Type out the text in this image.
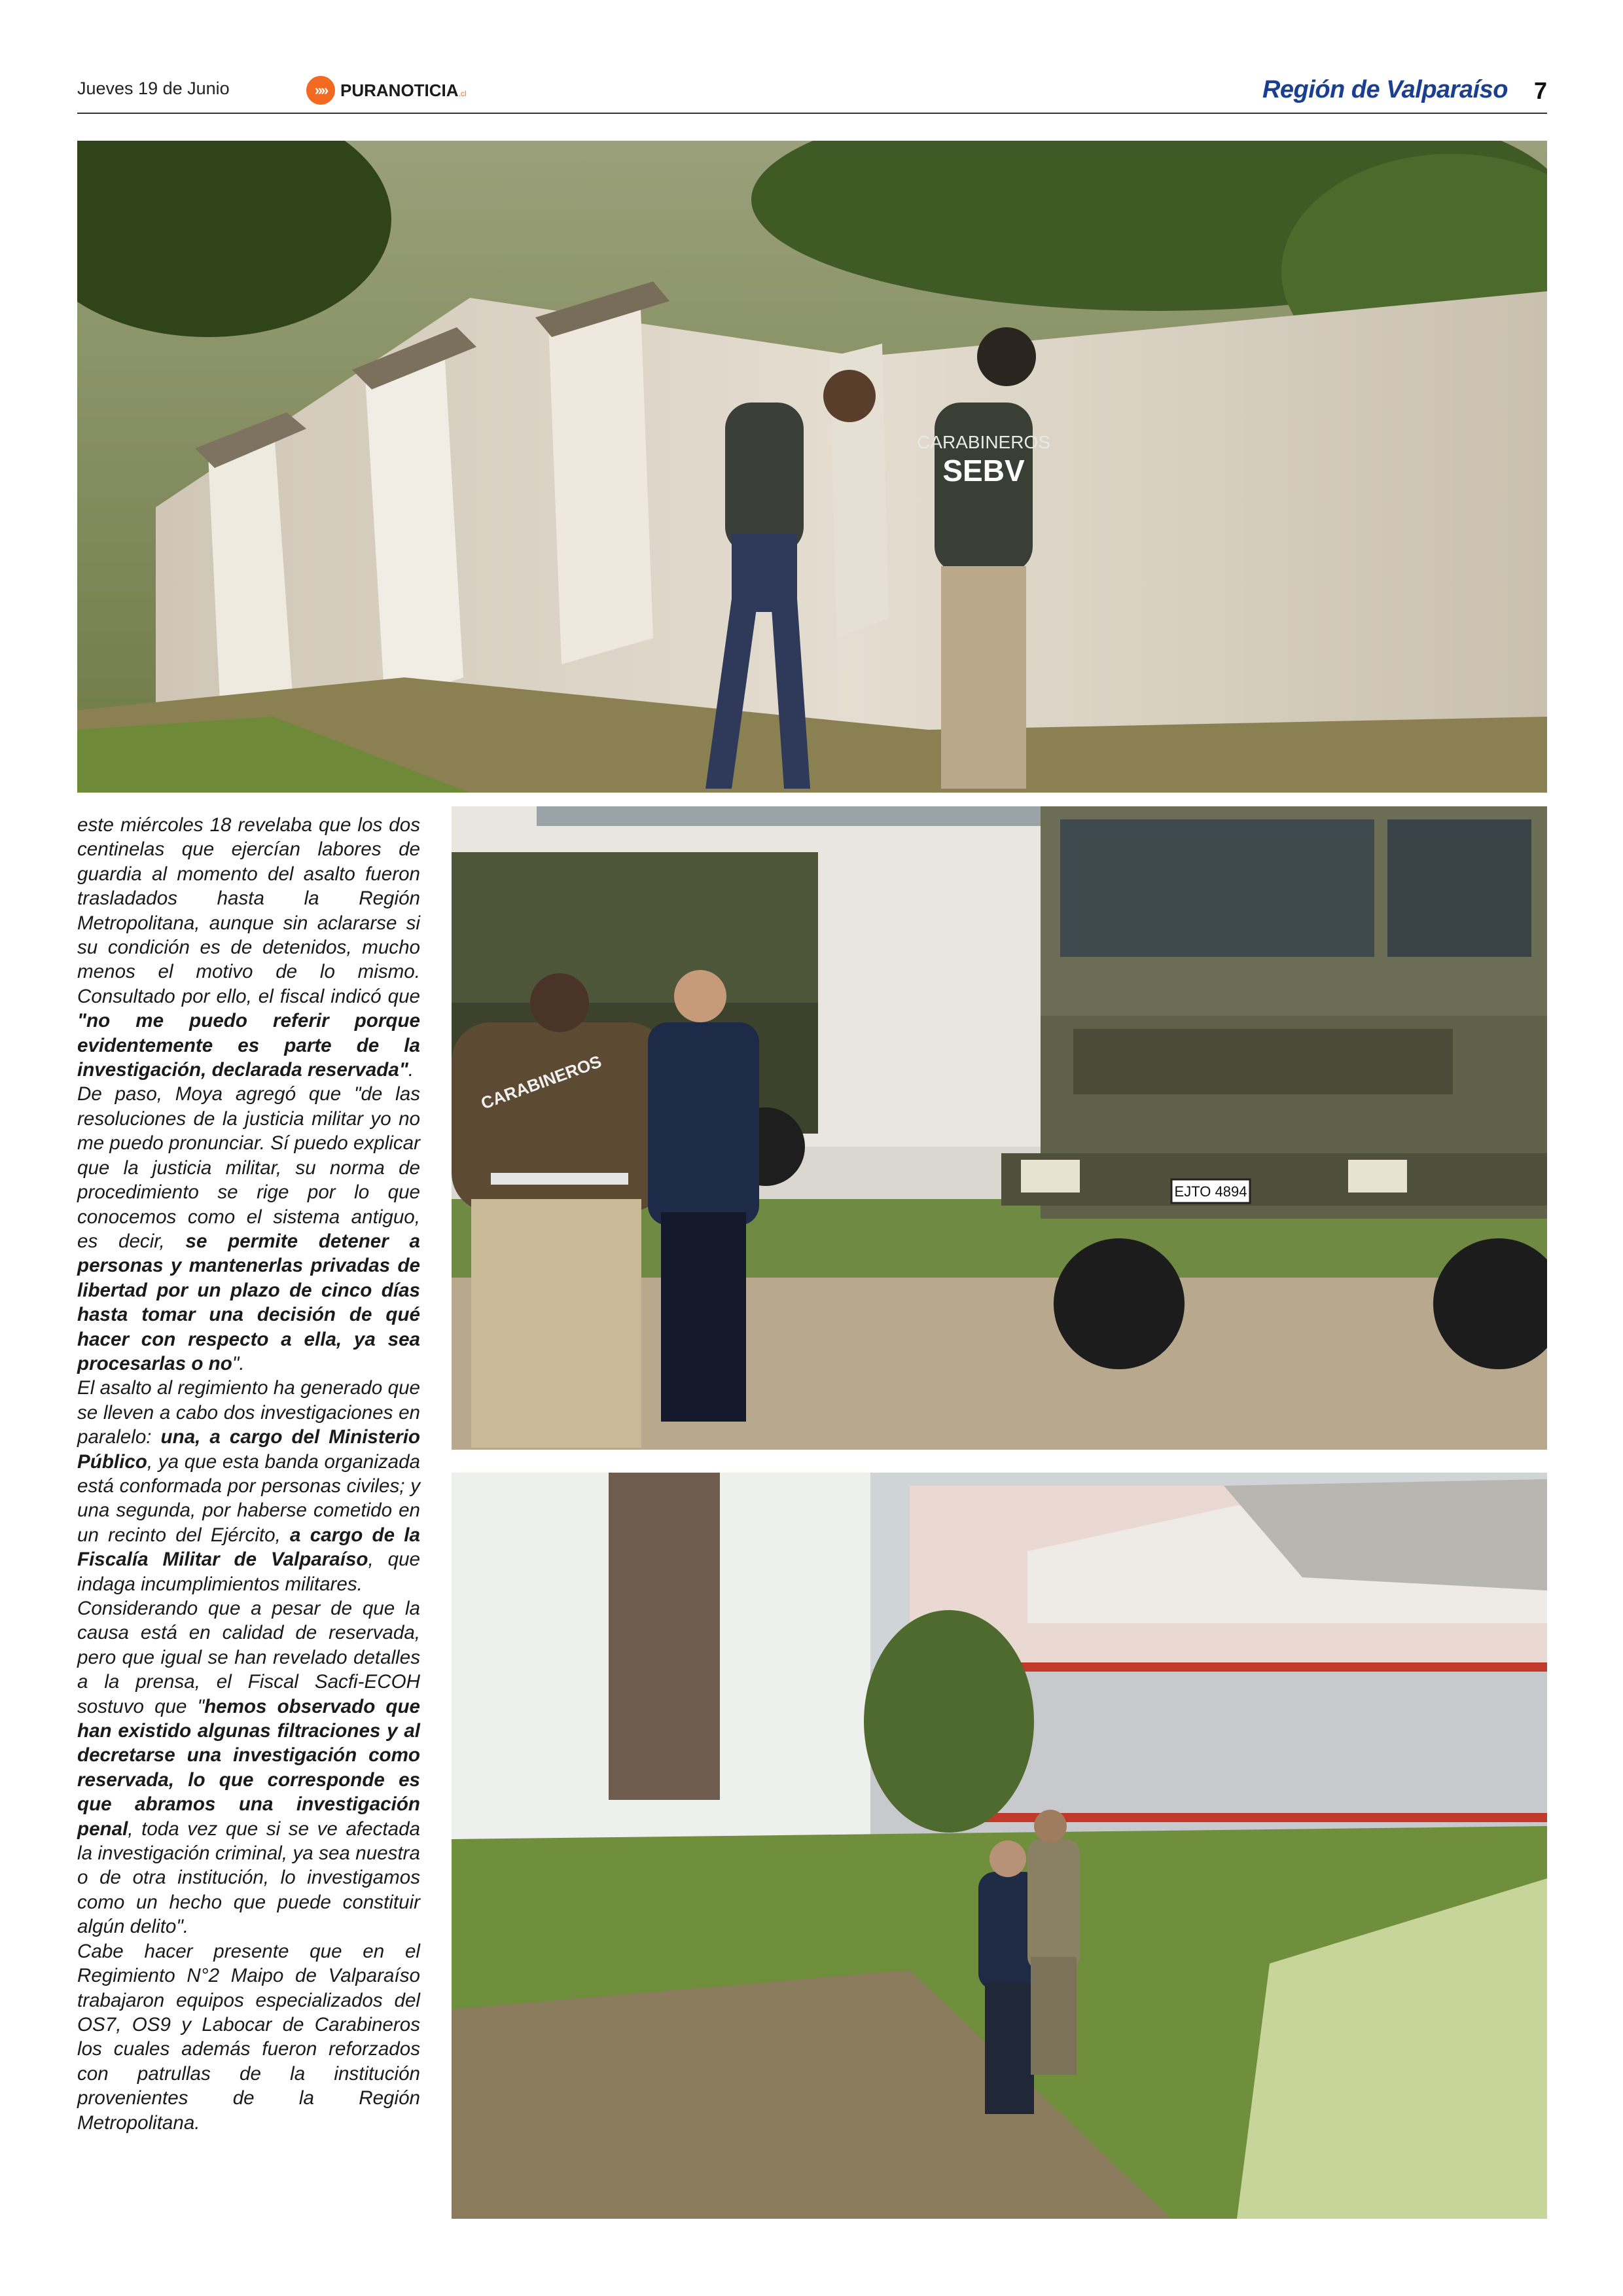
Jueves 19 de Junio	»» PURANOTICIA.cl	Región de Valparaíso 7
CARABINEROS
SEBV

este miércoles 18 revelaba que los dos centinelas que ejercían labores de guardia al momento del asalto fueron trasladados hasta la Región Metropolitana, aunque sin aclararse si su condición es de detenidos, mucho menos el motivo de lo mismo. Consultado por ello, el fiscal indicó que "no me puedo referir porque evidentemente es parte de la investigación, declarada reservada".

De paso, Moya agregó que "de las resoluciones de la justicia militar yo no me puedo pronunciar. Sí puedo explicar que la justicia militar, su norma de procedimiento se rige por lo que conocemos como el sistema antiguo, es decir, se permite detener a personas y mantenerlas privadas de libertad por un plazo de cinco días hasta tomar una decisión de qué hacer con respecto a ella, ya sea procesarlas o no".

El asalto al regimiento ha generado que se lleven a cabo dos investigaciones en paralelo: una, a cargo del Ministerio Público, ya que esta banda organizada está conformada por personas civiles; y una segunda, por haberse cometido en un recinto del Ejército, a cargo de la Fiscalía Militar de Valparaíso, que indaga incumplimientos militares.

Considerando que a pesar de que la causa está en calidad de reservada, pero que igual se han revelado detalles a la prensa, el Fiscal Sacfi-ECOH sostuvo que "hemos observado que han existido algunas filtraciones y al decretarse una investigación como reservada, lo que corresponde es que abramos una investigación penal, toda vez que si se ve afectada la investigación criminal, ya sea nuestra o de otra institución, lo investigamos como un hecho que puede constituir algún delito".

Cabe hacer presente que en el Regimiento N°2 Maipo de Valparaíso trabajaron equipos especializados del OS7, OS9 y Labocar de Carabineros los cuales además fueron reforzados con patrullas de la institución provenientes de la Región Metropolitana.

EJTO 4894
CARABINEROS
